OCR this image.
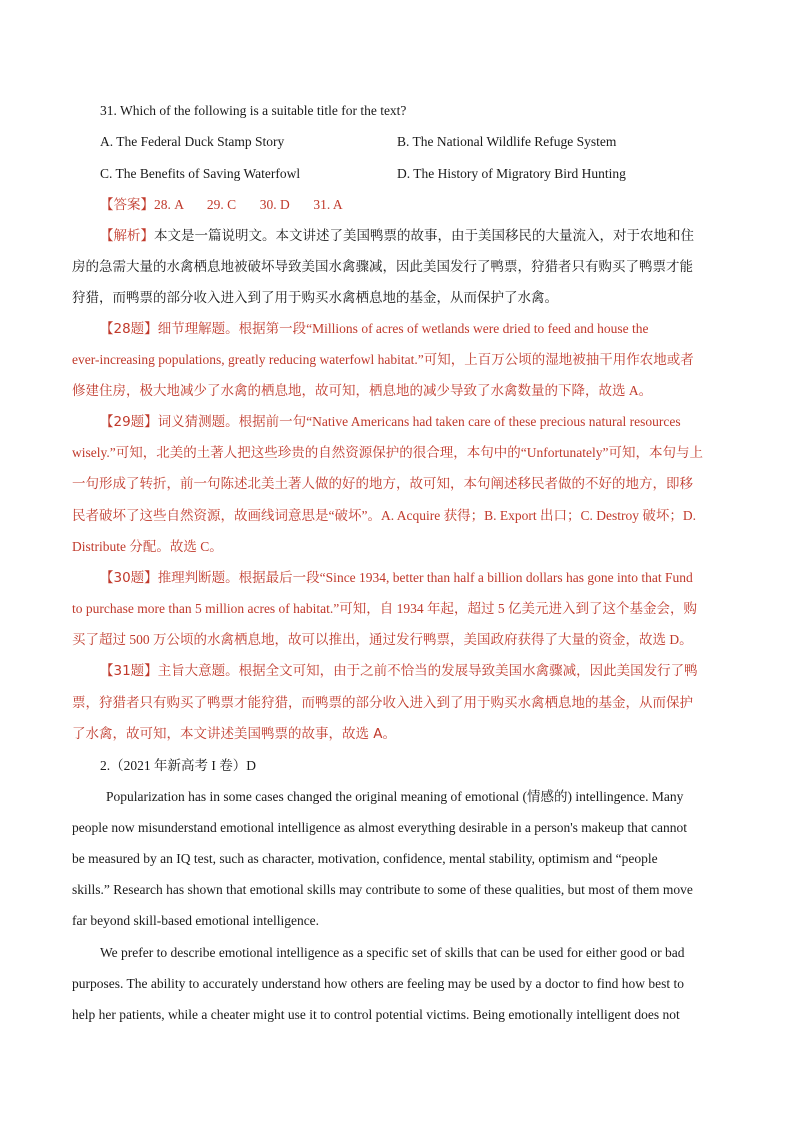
31. Which of the following is a suitable title for the text?
A. The Federal Duck Stamp Story	B. The National Wildlife Refuge System
C. The Benefits of Saving Waterfowl	D. The History of Migratory Bird Hunting
【答案】28. A       29. C       30. D       31. A
【解析】本文是一篇说明文。本文讲述了美国鸭票的故事，由于美国移民的大量流入，对于农地和住
房的急需大量的水禽栖息地被破坏导致美国水禽骤减，因此美国发行了鸭票，狩猎者只有购买了鸭票才能
狩猎，而鸭票的部分收入进入到了用于购买水禽栖息地的基金，从而保护了水禽。
【28题】细节理解题。根据第一段“Millions of acres of wetlands were dried to feed and house the
ever-increasing populations, greatly reducing waterfowl habitat.”可知，上百万公顷的湿地被抽干用作农地或者
修建住房，极大地减少了水禽的栖息地，故可知，栖息地的减少导致了水禽数量的下降，故选 A。
【29题】词义猜测题。根据前一句“Native Americans had taken care of these precious natural resources
wisely.”可知，北美的土著人把这些珍贵的自然资源保护的很合理，本句中的“Unfortunately”可知，本句与上
一句形成了转折，前一句陈述北美土著人做的好的地方，故可知，本句阐述移民者做的不好的地方，即移
民者破坏了这些自然资源，故画线词意思是“破坏”。A. Acquire 获得；B. Export 出口；C. Destroy 破坏；D.
Distribute 分配。故选 C。
【30题】推理判断题。根据最后一段“Since 1934, better than half a billion dollars has gone into that Fund
to purchase more than 5 million acres of habitat.”可知，自 1934 年起，超过 5 亿美元进入到了这个基金会，购
买了超过 500 万公顷的水禽栖息地，故可以推出，通过发行鸭票，美国政府获得了大量的资金，故选 D。
【31题】主旨大意题。根据全文可知，由于之前不恰当的发展导致美国水禽骤减，因此美国发行了鸭
票，狩猎者只有购买了鸭票才能狩猎，而鸭票的部分收入进入到了用于购买水禽栖息地的基金，从而保护
了水禽，故可知，本文讲述美国鸭票的故事，故选 A。
2.（2021 年新高考 I 卷）D
Popularization has in some cases changed the original meaning of emotional (情感的) intellingence. Many
people now misunderstand emotional intelligence as almost everything desirable in a person's makeup that cannot
be measured by an IQ test, such as character, motivation, confidence, mental stability, optimism and “people
skills.” Research has shown that emotional skills may contribute to some of these qualities, but most of them move
far beyond skill-based emotional intelligence.
We prefer to describe emotional intelligence as a specific set of skills that can be used for either good or bad
purposes. The ability to accurately understand how others are feeling may be used by a doctor to find how best to
help her patients, while a cheater might use it to control potential victims. Being emotionally intelligent does not
